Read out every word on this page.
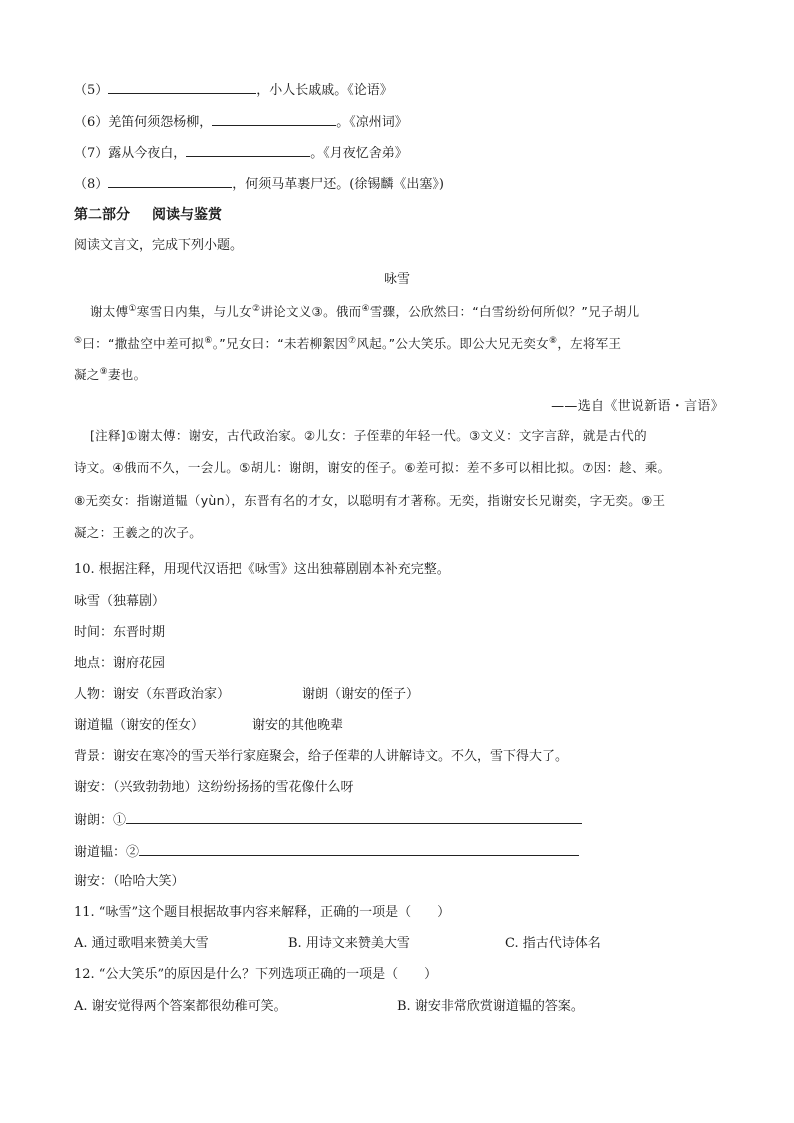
（5）	，小人长戚戚。《论语》
（6）羌笛何须怨杨柳，	。《凉州词》
（7）露从今夜白，	。《月夜忆舍弟》
（8）	，何须马革裹尸还。(徐锡麟《出塞》)
第二部分 阅读与鉴赏
阅读文言文，完成下列小题。
咏雪
谢太傅①寒雪日内集，与儿女②讲论文义③。俄而④雪骤，公欣然曰：“白雪纷纷何所似？”兄子胡儿
⑤曰：“撒盐空中差可拟⑥。”兄女曰：“未若柳絮因⑦风起。”公大笑乐。即公大兄无奕女⑧，左将军王
凝之⑨妻也。
——选自《世说新语・言语》
[注释]①谢太傅：谢安，古代政治家。②儿女：子侄辈的年轻一代。③文义：文字言辞，就是古代的
诗文。④俄而不久，一会儿。⑤胡儿：谢朗，谢安的侄子。⑥差可拟：差不多可以相比拟。⑦因：趁、乘。
⑧无奕女：指谢道韫（yùn），东晋有名的才女，以聪明有才著称。无奕，指谢安长兄谢奕，字无奕。⑨王
凝之：王羲之的次子。
10. 根据注释，用现代汉语把《咏雪》这出独幕剧剧本补充完整。
咏雪（独幕剧）
时间：东晋时期
地点：谢府花园
人物：谢安（东晋政治家）	谢朗（谢安的侄子）
谢道韫（谢安的侄女）	谢安的其他晚辈
背景：谢安在寒冷的雪天举行家庭聚会，给子侄辈的人讲解诗文。不久，雪下得大了。
谢安：（兴致勃勃地）这纷纷扬扬的雪花像什么呀
谢朗：①
谢道韫：②
谢安：（哈哈大笑）
11. “咏雪”这个题目根据故事内容来解释，正确的一项是（　　）
A. 通过歌唱来赞美大雪	B. 用诗文来赞美大雪	C. 指古代诗体名
12. “公大笑乐”的原因是什么？下列选项正确的一项是（　　）
A. 谢安觉得两个答案都很幼稚可笑。	B. 谢安非常欣赏谢道韫的答案。
